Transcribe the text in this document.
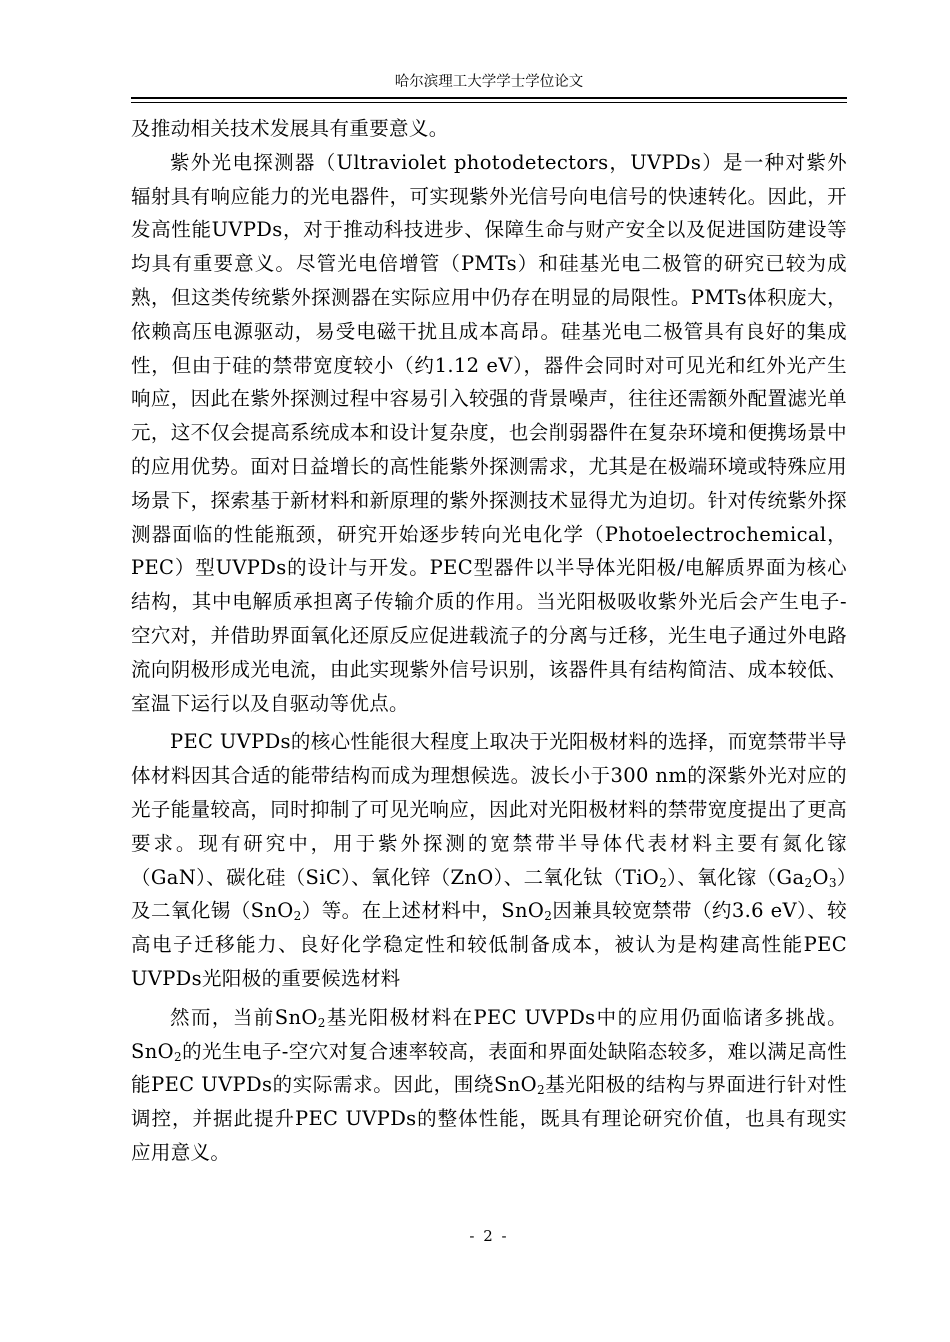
哈尔滨理工大学学士学位论文

及推动相关技术发展具有重要意义。

紫外光电探测器（Ultraviolet photodetectors，UVPDs）是一种对紫外辐射具有响应能力的光电器件，可实现紫外光信号向电信号的快速转化。因此，开发高性能UVPDs，对于推动科技进步、保障生命与财产安全以及促进国防建设等均具有重要意义。尽管光电倍增管（PMTs）和硅基光电二极管的研究已较为成熟，但这类传统紫外探测器在实际应用中仍存在明显的局限性。PMTs体积庞大，依赖高压电源驱动，易受电磁干扰且成本高昂。硅基光电二极管具有良好的集成性，但由于硅的禁带宽度较小（约1.12 eV），器件会同时对可见光和红外光产生响应，因此在紫外探测过程中容易引入较强的背景噪声，往往还需额外配置滤光单元，这不仅会提高系统成本和设计复杂度，也会削弱器件在复杂环境和便携场景中的应用优势。面对日益增长的高性能紫外探测需求，尤其是在极端环境或特殊应用场景下，探索基于新材料和新原理的紫外探测技术显得尤为迫切。针对传统紫外探测器面临的性能瓶颈，研究开始逐步转向光电化学（Photoelectrochemical，PEC）型UVPDs的设计与开发。PEC型器件以半导体光阳极/电解质界面为核心结构，其中电解质承担离子传输介质的作用。当光阳极吸收紫外光后会产生电子-空穴对，并借助界面氧化还原反应促进载流子的分离与迁移，光生电子通过外电路流向阴极形成光电流，由此实现紫外信号识别，该器件具有结构简洁、成本较低、室温下运行以及自驱动等优点。

PEC UVPDs的核心性能很大程度上取决于光阳极材料的选择，而宽禁带半导体材料因其合适的能带结构而成为理想候选。波长小于300 nm的深紫外光对应的光子能量较高，同时抑制了可见光响应，因此对光阳极材料的禁带宽度提出了更高要求。现有研究中，用于紫外探测的宽禁带半导体代表材料主要有氮化镓（GaN）、碳化硅（SiC）、氧化锌（ZnO）、二氧化钛（TiO$_2$）、氧化镓$(Ga_2O_3)$及二氧化锡（SnO$_2$）等。在上述材料中，SnO$_2$因兼具较宽禁带（约3.6 eV）、较高电子迁移能力、良好化学稳定性和较低制备成本，被认为是构建高性能PEC UVPDs光阳极的重要候选材料

然而，当前SnO$_2$基光阳极材料在PEC UVPDs中的应用仍面临诸多挑战。SnO$_2$的光生电子-空穴对复合速率较高，表面和界面处缺陷态较多，难以满足高性能PEC UVPDs的实际需求。因此，围绕SnO$_2$基光阳极的结构与界面进行针对性调控，并据此提升PEC UVPDs的整体性能，既具有理论研究价值，也具有现实应用意义。

- 2 -
